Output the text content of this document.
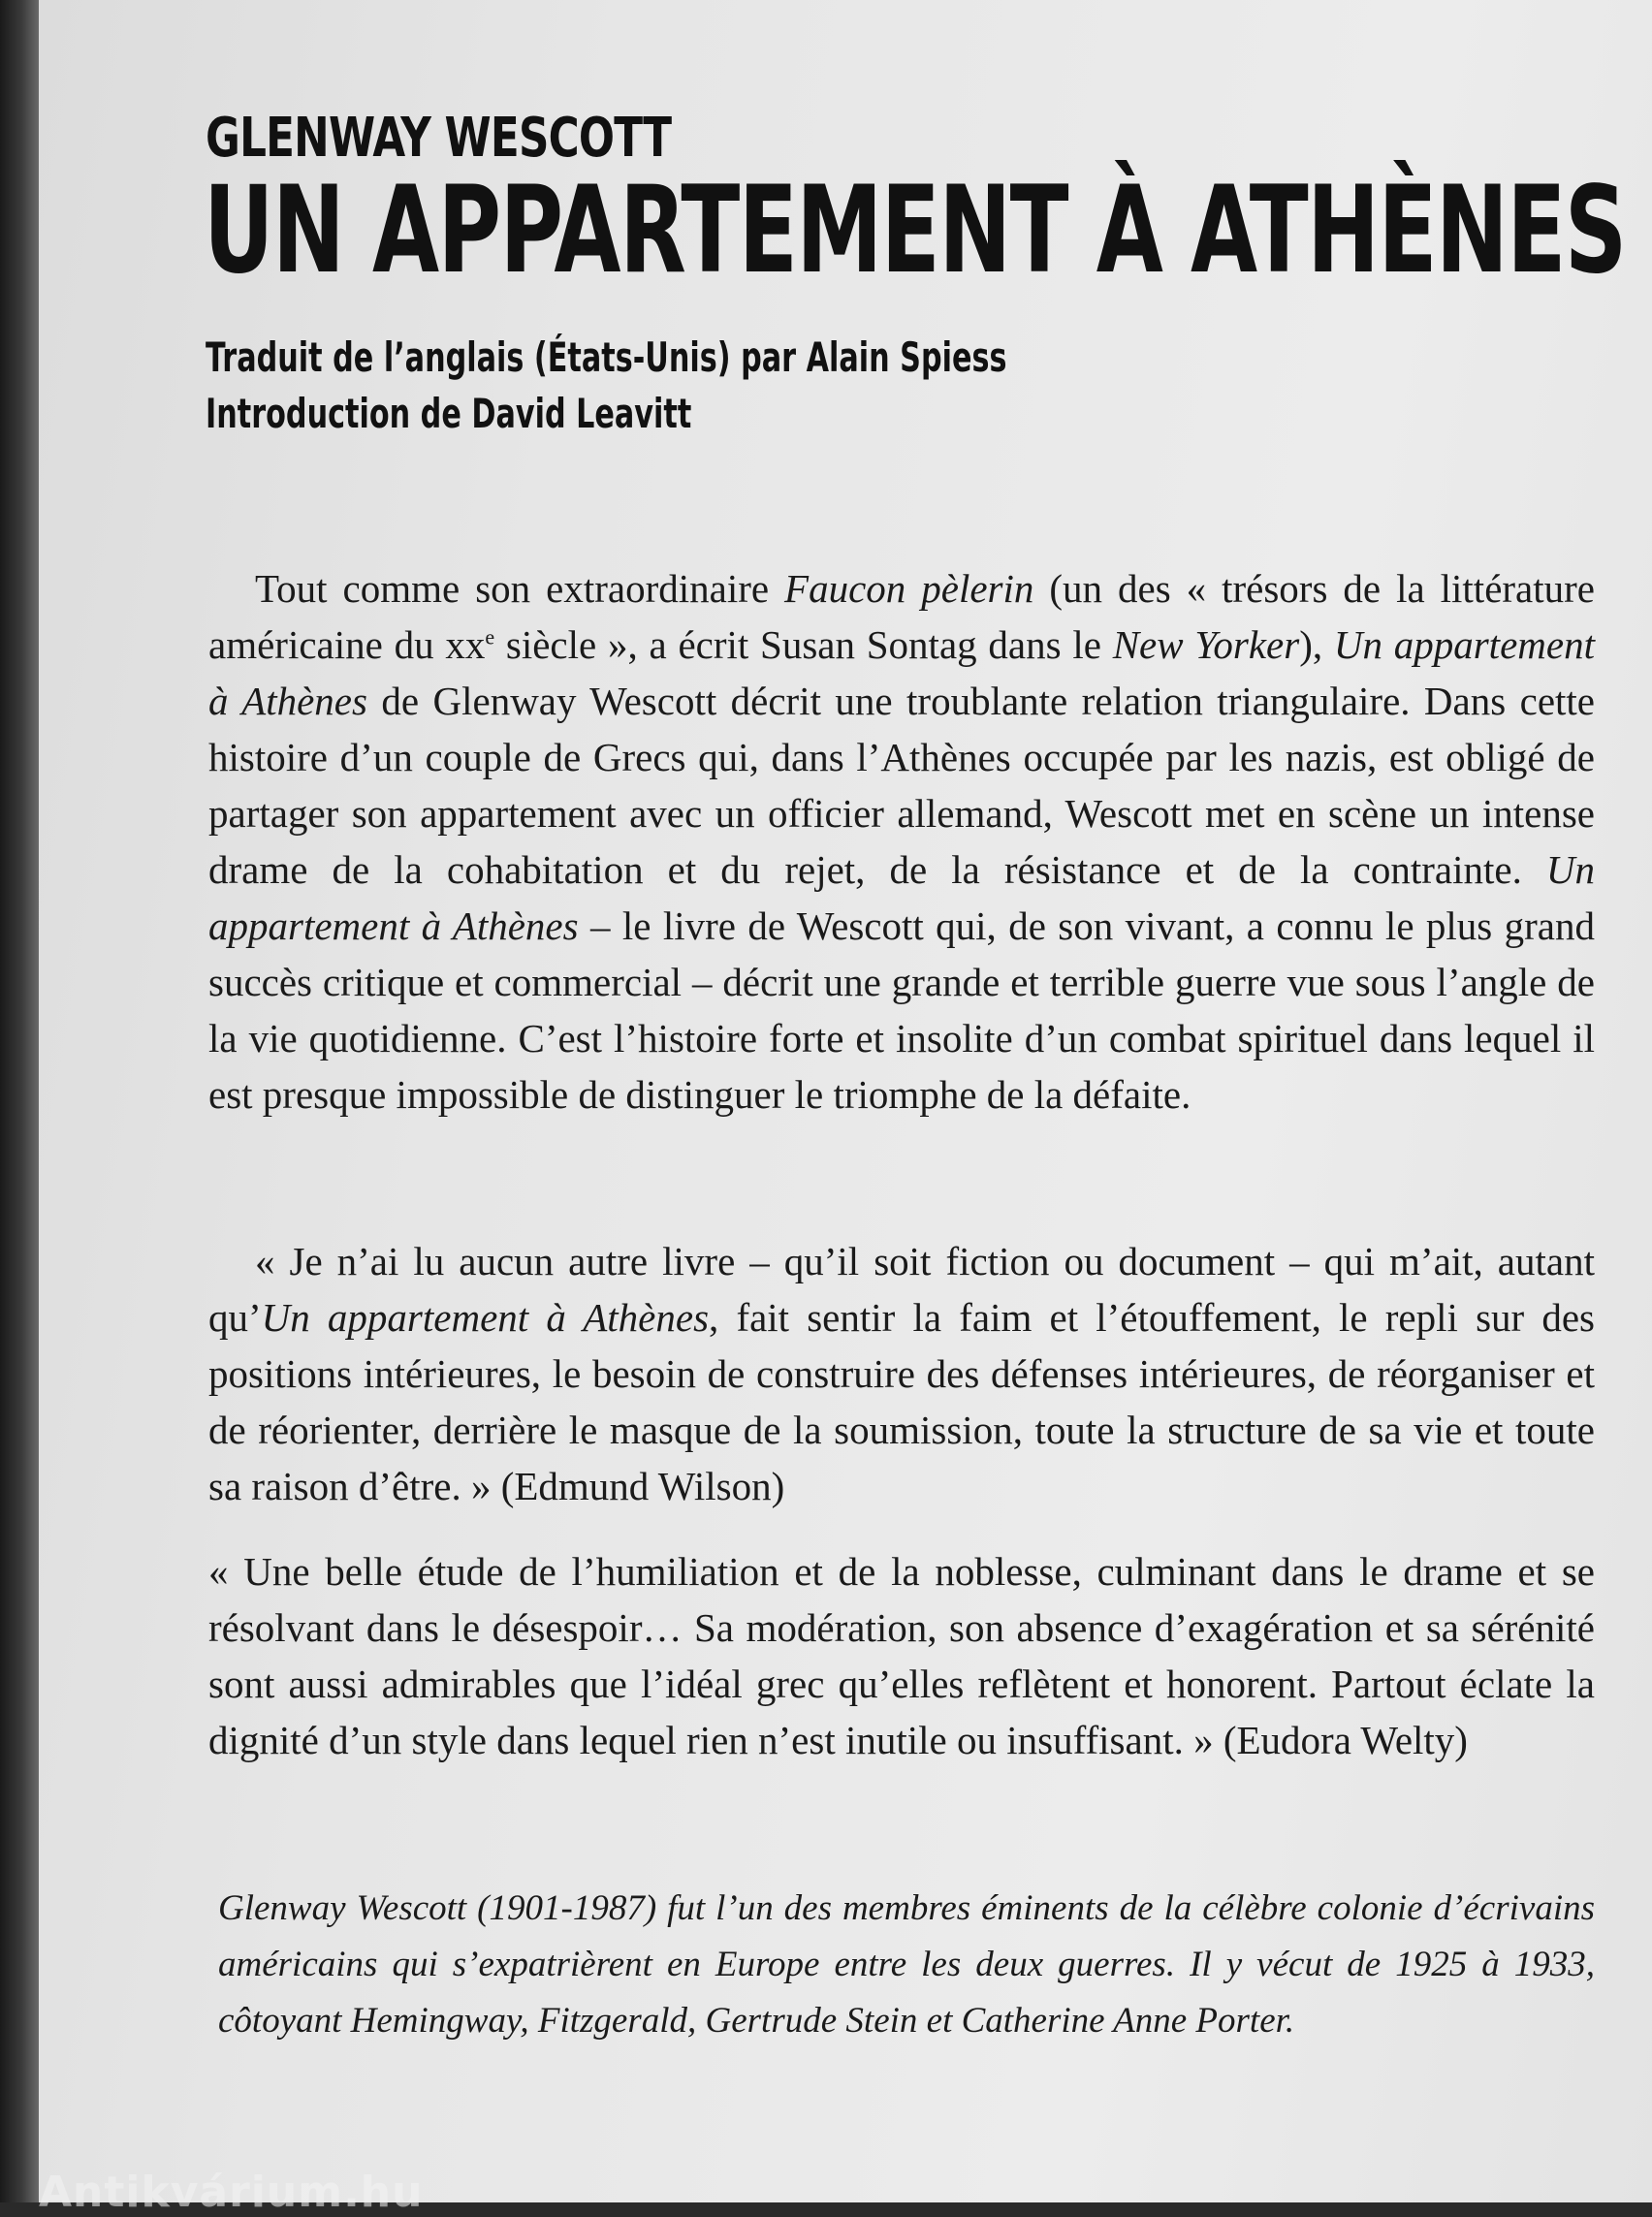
GLENWAY WESCOTT
UN APPARTEMENT À ATHÈNES
Traduit de l’anglais (États-Unis) par Alain Spiess
Introduction de David Leavitt

Tout comme son extraordinaire Faucon pèlerin (un des « trésors de la littérature américaine du $xx^e$ siècle », a écrit Susan Sontag dans le New Yorker), Un appartement à Athènes de Glenway Wescott décrit une troublante relation triangulaire. Dans cette histoire d’un couple de Grecs qui, dans l’Athènes occupée par les nazis, est obligé de partager son appartement avec un officier allemand, Wescott met en scène un intense drame de la cohabitation et du rejet, de la résistance et de la contrainte. Un appartement à Athènes – le livre de Wescott qui, de son vivant, a connu le plus grand succès critique et commercial – décrit une grande et terrible guerre vue sous l’angle de la vie quotidienne. C’est l’histoire forte et insolite d’un combat spirituel dans lequel il est presque impossible de distinguer le triomphe de la défaite.

« Je n’ai lu aucun autre livre – qu’il soit fiction ou document – qui m’ait, autant qu’Un appartement à Athènes, fait sentir la faim et l’étouffement, le repli sur des positions intérieures, le besoin de construire des défenses intérieures, de réorganiser et de réorienter, derrière le masque de la soumission, toute la structure de sa vie et toute sa raison d’être. » (Edmund Wilson)

« Une belle étude de l’humiliation et de la noblesse, culminant dans le drame et se résolvant dans le désespoir… Sa modération, son absence d’exagération et sa sérénité sont aussi admirables que l’idéal grec qu’elles reflètent et honorent. Partout éclate la dignité d’un style dans lequel rien n’est inutile ou insuffisant. » (Eudora Welty)

Glenway Wescott (1901-1987) fut l’un des membres éminents de la célèbre colonie d’écrivains américains qui s’expatrièrent en Europe entre les deux guerres. Il y vécut de 1925 à 1933, côtoyant Hemingway, Fitzgerald, Gertrude Stein et Catherine Anne Porter.

Antikvárium.hu
